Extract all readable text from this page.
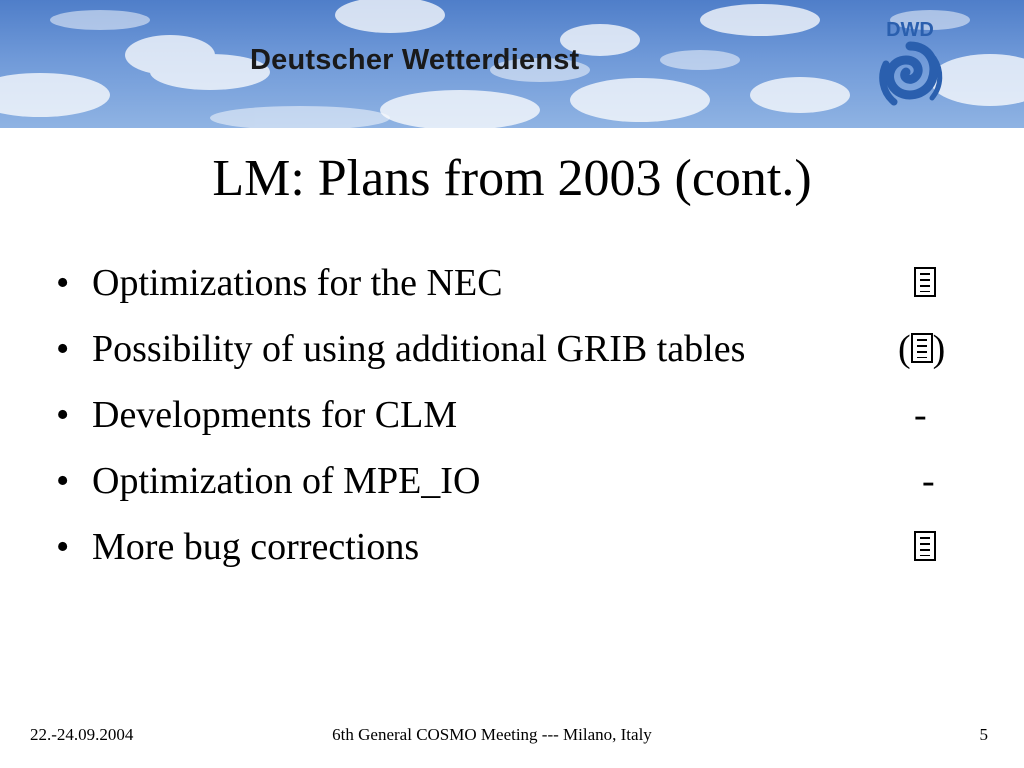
Deutscher Wetterdienst
DWD
LM: Plans from 2003 (cont.)
• Optimizations for the NEC
• Possibility of using additional GRIB tables	( )
• Developments for CLM	-
• Optimization of MPE_IO	-
• More bug corrections
22.-24.09.2004	6th General COSMO Meeting --- Milano, Italy	5
